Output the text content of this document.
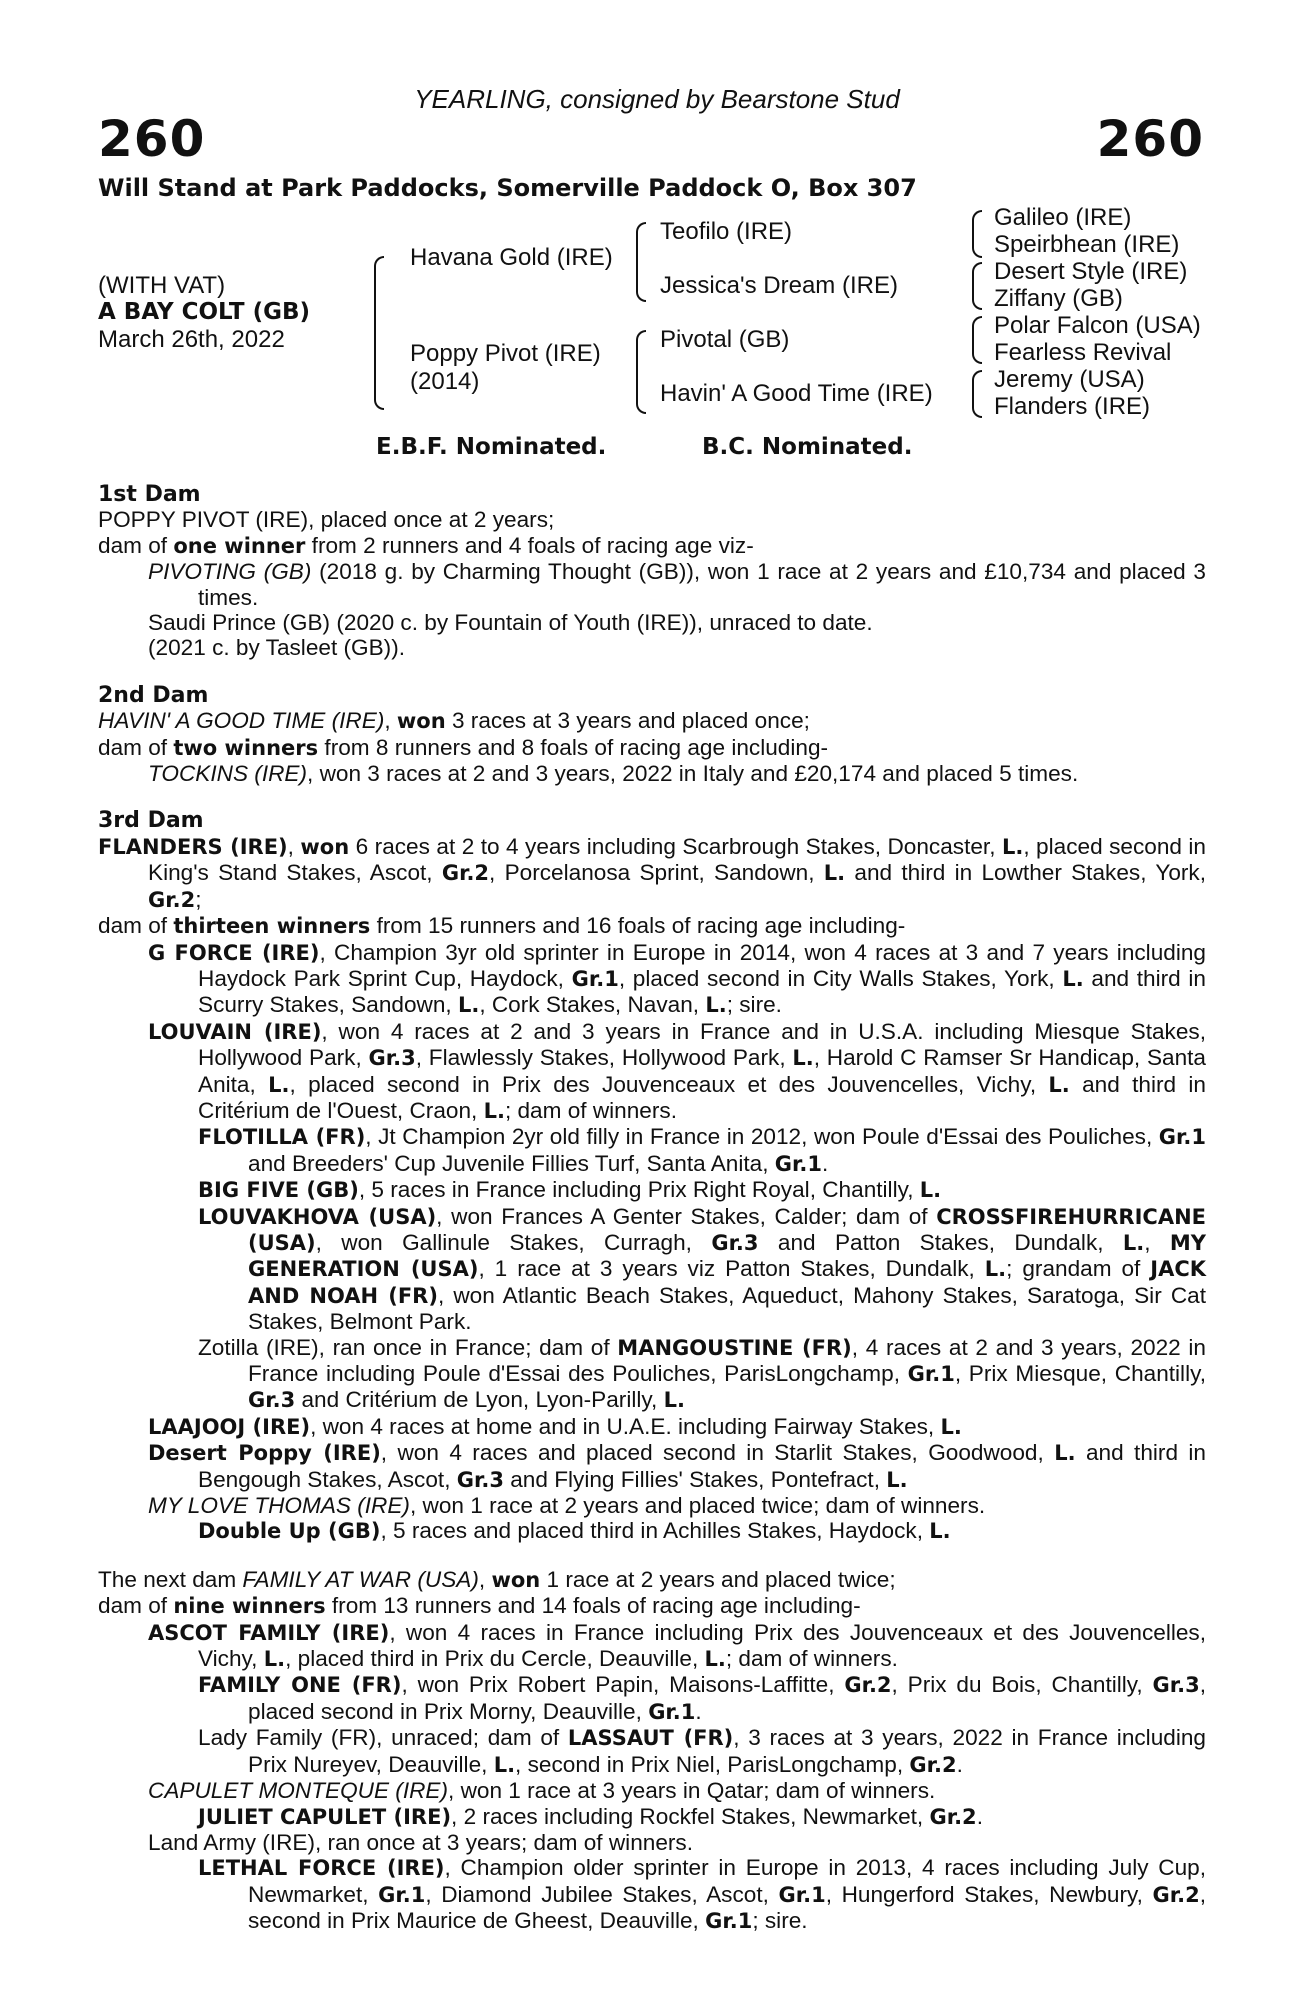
YEARLING, consigned by Bearstone Stud
260	260
Will Stand at Park Paddocks, Somerville Paddock O, Box 307
(WITH VAT)
A BAY COLT (GB)
March 26th, 2022
Havana Gold (IRE)
Poppy Pivot (IRE)
(2014)
Teofilo (IRE)
Jessica's Dream (IRE)
Pivotal (GB)
Havin' A Good Time (IRE)
Galileo (IRE)
Speirbhean (IRE)
Desert Style (IRE)
Ziffany (GB)
Polar Falcon (USA)
Fearless Revival
Jeremy (USA)
Flanders (IRE)
E.B.F. Nominated.	B.C. Nominated.

1st Dam

POPPY PIVOT (IRE), placed once at 2 years;

dam of one winner from 2 runners and 4 foals of racing age viz-

PIVOTING (GB) (2018 g. by Charming Thought (GB)), won 1 race at 2 years and £10,734 and placed 3 times.

Saudi Prince (GB) (2020 c. by Fountain of Youth (IRE)), unraced to date.

(2021 c. by Tasleet (GB)).

2nd Dam

HAVIN' A GOOD TIME (IRE), won 3 races at 3 years and placed once;

dam of two winners from 8 runners and 8 foals of racing age including-

TOCKINS (IRE), won 3 races at 2 and 3 years, 2022 in Italy and £20,174 and placed 5 times.

3rd Dam

FLANDERS (IRE), won 6 races at 2 to 4 years including Scarbrough Stakes, Doncaster, L., placed second in King's Stand Stakes, Ascot, Gr.2, Porcelanosa Sprint, Sandown, L. and third in Lowther Stakes, York, Gr.2;

dam of thirteen winners from 15 runners and 16 foals of racing age including-

G FORCE (IRE), Champion 3yr old sprinter in Europe in 2014, won 4 races at 3 and 7 years including Haydock Park Sprint Cup, Haydock, Gr.1, placed second in City Walls Stakes, York, L. and third in Scurry Stakes, Sandown, L., Cork Stakes, Navan, L.; sire.

LOUVAIN (IRE), won 4 races at 2 and 3 years in France and in U.S.A. including Miesque Stakes, Hollywood Park, Gr.3, Flawlessly Stakes, Hollywood Park, L., Harold C Ramser Sr Handicap, Santa Anita, L., placed second in Prix des Jouvenceaux et des Jouvencelles, Vichy, L. and third in Critérium de l'Ouest, Craon, L.; dam of winners.

FLOTILLA (FR), Jt Champion 2yr old filly in France in 2012, won Poule d'Essai des Pouliches, Gr.1 and Breeders' Cup Juvenile Fillies Turf, Santa Anita, Gr.1.

BIG FIVE (GB), 5 races in France including Prix Right Royal, Chantilly, L.

LOUVAKHOVA (USA), won Frances A Genter Stakes, Calder; dam of CROSSFIREHURRICANE (USA), won Gallinule Stakes, Curragh, Gr.3 and Patton Stakes, Dundalk, L., MY GENERATION (USA), 1 race at 3 years viz Patton Stakes, Dundalk, L.; grandam of JACK AND NOAH (FR), won Atlantic Beach Stakes, Aqueduct, Mahony Stakes, Saratoga, Sir Cat Stakes, Belmont Park.

Zotilla (IRE), ran once in France; dam of MANGOUSTINE (FR), 4 races at 2 and 3 years, 2022 in France including Poule d'Essai des Pouliches, ParisLongchamp, Gr.1, Prix Miesque, Chantilly, Gr.3 and Critérium de Lyon, Lyon-Parilly, L.

LAAJOOJ (IRE), won 4 races at home and in U.A.E. including Fairway Stakes, L.

Desert Poppy (IRE), won 4 races and placed second in Starlit Stakes, Goodwood, L. and third in Bengough Stakes, Ascot, Gr.3 and Flying Fillies' Stakes, Pontefract, L.

MY LOVE THOMAS (IRE), won 1 race at 2 years and placed twice; dam of winners.

Double Up (GB), 5 races and placed third in Achilles Stakes, Haydock, L.

The next dam FAMILY AT WAR (USA), won 1 race at 2 years and placed twice;

dam of nine winners from 13 runners and 14 foals of racing age including-

ASCOT FAMILY (IRE), won 4 races in France including Prix des Jouvenceaux et des Jouvencelles, Vichy, L., placed third in Prix du Cercle, Deauville, L.; dam of winners.

FAMILY ONE (FR), won Prix Robert Papin, Maisons-Laffitte, Gr.2, Prix du Bois, Chantilly, Gr.3, placed second in Prix Morny, Deauville, Gr.1.

Lady Family (FR), unraced; dam of LASSAUT (FR), 3 races at 3 years, 2022 in France including Prix Nureyev, Deauville, L., second in Prix Niel, ParisLongchamp, Gr.2.

CAPULET MONTEQUE (IRE), won 1 race at 3 years in Qatar; dam of winners.

JULIET CAPULET (IRE), 2 races including Rockfel Stakes, Newmarket, Gr.2.

Land Army (IRE), ran once at 3 years; dam of winners.

LETHAL FORCE (IRE), Champion older sprinter in Europe in 2013, 4 races including July Cup, Newmarket, Gr.1, Diamond Jubilee Stakes, Ascot, Gr.1, Hungerford Stakes, Newbury, Gr.2, second in Prix Maurice de Gheest, Deauville, Gr.1; sire.
